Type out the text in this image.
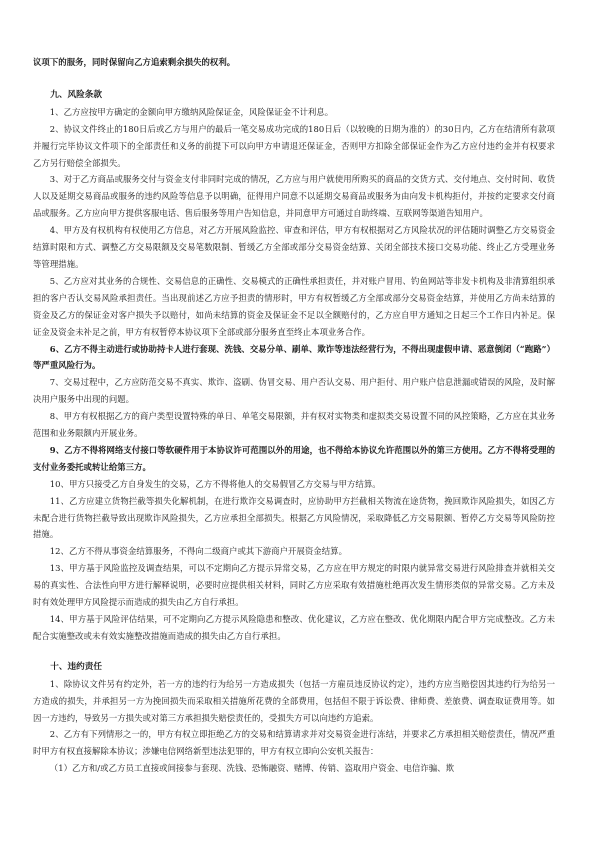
议项下的服务，同时保留向乙方追索剩余损失的权利。

九、风险条款

1、乙方应按甲方确定的金额向甲方缴纳风险保证金，风险保证金不计利息。

2、协议文件终止的180日后或乙方与用户的最后一笔交易成功完成的180日后（以较晚的日期为准的）的30日内，乙方在结清所有款项并履行完毕协议文件项下的全部责任和义务的前提下可以向甲方申请退还保证金，否则甲方扣除全部保证金作为乙方应付违约金并有权要求乙方另行赔偿全部损失。

3、对于乙方商品或服务交付与资金支付非同时完成的情况，乙方应与用户就使用所购买的商品的交货方式、交付地点、交付时间、收货人以及延期交易商品或服务的违约风险等信息予以明确，征得用户同意不以延期交易商品或服务为由向发卡机构拒付，并按约定要求交付商品或服务。乙方应向甲方提供客服电话、售后服务等用户告知信息，并同意甲方可通过自助终端、互联网等渠道告知用户。

4、甲方及有权机构有权使用乙方信息，对乙方开展风险监控、审查和评估，甲方有权根据对乙方风险状况的评估随时调整乙方交易资金结算时限和方式、调整乙方交易限额及交易笔数限制、暂缓乙方全部或部分交易资金结算、关闭全部技术接口交易功能、终止乙方受理业务等管理措施。

5、乙方应对其业务的合规性、交易信息的正确性、交易模式的正确性承担责任，并对账户冒用、钓鱼网站等非发卡机构及非清算组织承担的客户否认交易风险承担责任。当出现前述乙方应予担责的情形时，甲方有权暂缓乙方全部或部分交易资金结算，并使用乙方尚未结算的资金及乙方的保证金对客户损失予以赔付，如尚未结算的资金及保证金不足以全额赔付的，乙方应自甲方通知之日起三个工作日内补足。保证金及资金未补足之前，甲方有权暂停本协议项下全部或部分服务直至终止本项业务合作。

6、乙方不得主动进行或协助持卡人进行套现、洗钱、交易分单、刷单、欺诈等违法经营行为，不得出现虚假申请、恶意倒闭（“跑路”）等严重风险行为。

7、交易过程中，乙方应防范交易不真实、欺诈、盗刷、伪冒交易、用户否认交易、用户拒付、用户账户信息泄漏或错误的风险，及时解决用户服务中出现的问题。

8、甲方有权根据乙方的商户类型设置特殊的单日、单笔交易限额，并有权对实物类和虚拟类交易设置不同的风控策略，乙方应在其业务范围和业务限额内开展业务。

9、乙方不得将网络支付接口等软硬件用于本协议许可范围以外的用途，也不得给本协议允许范围以外的第三方使用。乙方不得将受理的支付业务委托或转让给第三方。

10、甲方只接受乙方自身发生的交易，乙方不得将他人的交易假冒乙方交易与甲方结算。

11、乙方应建立货物拦截等损失化解机制，在进行欺诈交易调查时，应协助甲方拦截相关物流在途货物，挽回欺诈风险损失，如因乙方未配合进行货物拦截导致出现欺诈风险损失，乙方应承担全部损失。根据乙方风险情况，采取降低乙方交易限额、暂停乙方交易等风险防控措施。

12、乙方不得从事资金结算服务，不得向二级商户或其下游商户开展资金结算。

13、甲方基于风险监控及调查结果，可以不定期向乙方提示异常交易，乙方应在甲方规定的时限内就异常交易进行风险排查并就相关交易的真实性、合法性向甲方进行解释说明，必要时应提供相关材料，同时乙方应采取有效措施杜绝再次发生情形类似的异常交易。乙方未及时有效处理甲方风险提示而造成的损失由乙方自行承担。

14、甲方基于风险评估结果，可不定期向乙方提示风险隐患和整改、优化建议，乙方应在整改、优化期限内配合甲方完成整改。乙方未配合实施整改或未有效实施整改措施而造成的损失由乙方自行承担。

十、违约责任

1、除协议文件另有约定外，若一方的违约行为给另一方造成损失（包括一方雇员违反协议约定），违约方应当赔偿因其违约行为给另一方造成的损失，并承担另一方为挽回损失而采取相关措施所花费的全部费用，包括但不限于诉讼费、律师费、差旅费、调查取证费用等。如因一方违约，导致另一方损失或对第三方承担损失赔偿责任的，受损失方可以向违约方追索。

2、乙方有下列情形之一的，甲方有权立即拒绝乙方的交易和结算请求并对交易资金进行冻结，并要求乙方承担相关赔偿责任，情况严重时甲方有权直接解除本协议；涉嫌电信网络新型违法犯罪的，甲方有权立即向公安机关报告：

（1）乙方和/或乙方员工直接或间接参与套现、洗钱、恐怖融资、赌博、传销、盗取用户资金、电信诈骗、欺
